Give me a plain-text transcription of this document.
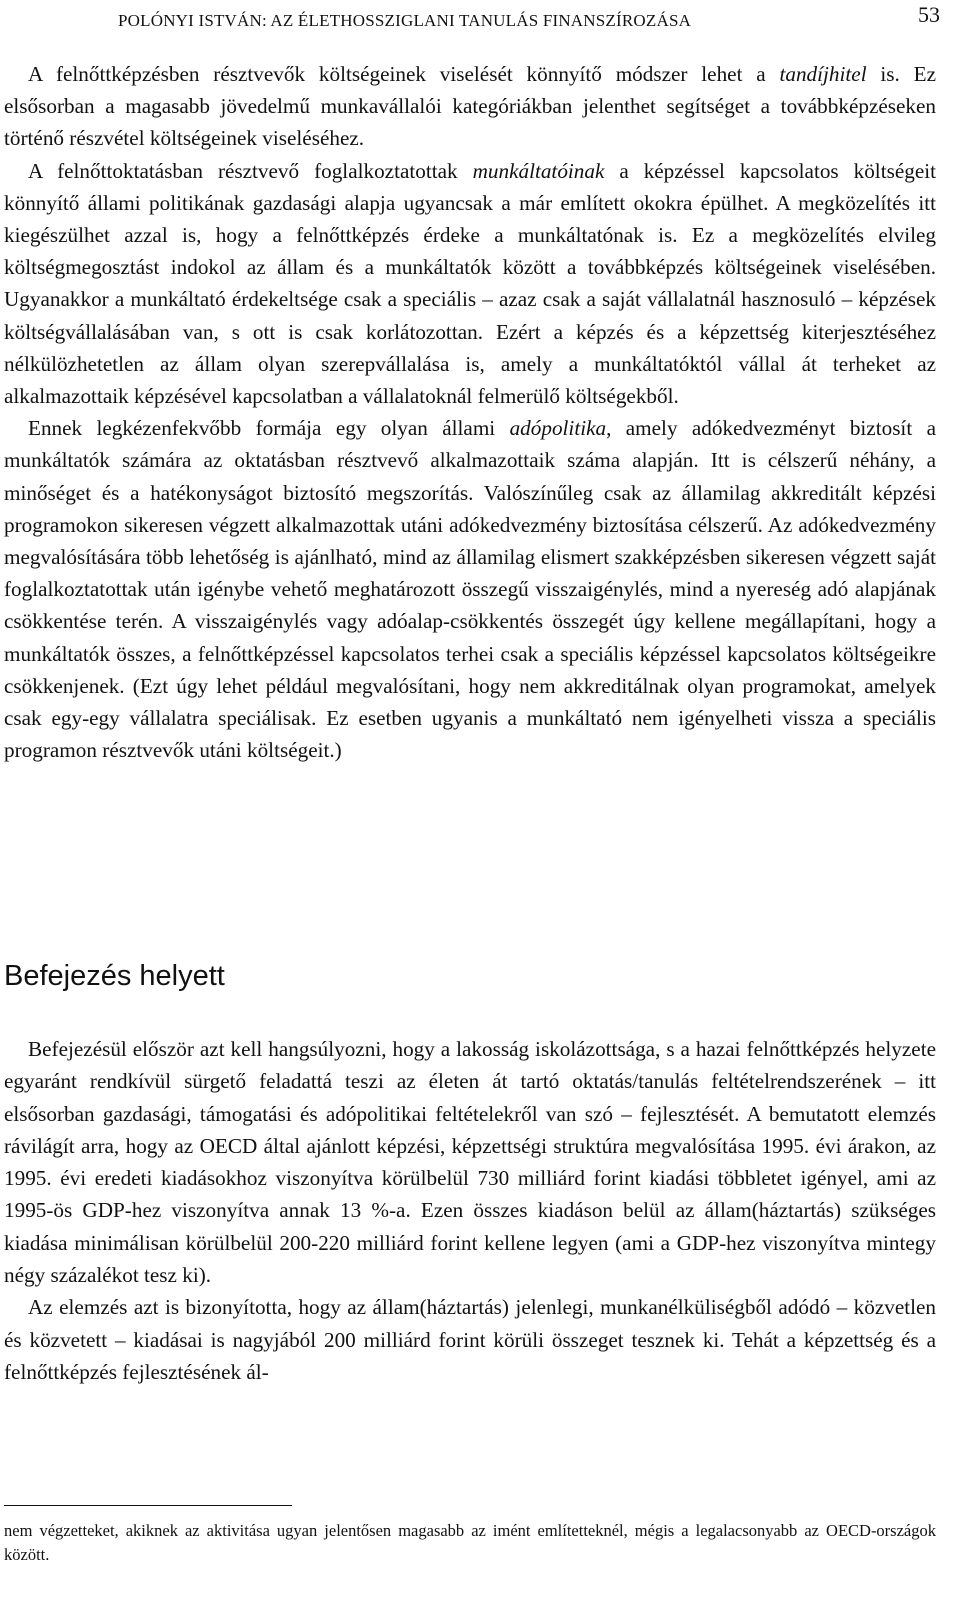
POLÓNYI ISTVÁN: AZ ÉLETHOSSZIGLANI TANULÁS FINANSZÍROZÁSA	53

A felnőttképzésben résztvevők költségeinek viselését könnyítő módszer lehet a tandíjhitel is. Ez elsősorban a magasabb jövedelmű munkavállalói kategóriákban jelenthet segítséget a továbbképzéseken történő részvétel költségeinek viseléséhez.

A felnőttoktatásban résztvevő foglalkoztatottak munkáltatóinak a képzéssel kapcsolatos költségeit könnyítő állami politikának gazdasági alapja ugyancsak a már említett okokra épülhet. A megközelítés itt kiegészülhet azzal is, hogy a felnőttképzés érdeke a munkáltatónak is. Ez a megközelítés elvileg költségmegosztást indokol az állam és a munkáltatók között a továbbképzés költségeinek viselésében. Ugyanakkor a munkáltató érdekeltsége csak a speciális – azaz csak a saját vállalatnál hasznosuló – képzések költségvállalásában van, s ott is csak korlátozottan. Ezért a képzés és a képzettség kiterjesztéséhez nélkülözhetetlen az állam olyan szerepvállalása is, amely a munkáltatóktól vállal át terheket az alkalmazottaik képzésével kapcsolatban a vállalatoknál felmerülő költségekből.

Ennek legkézenfekvőbb formája egy olyan állami adópolitika, amely adókedvezményt biztosít a munkáltatók számára az oktatásban résztvevő alkalmazottaik száma alapján. Itt is célszerű néhány, a minőséget és a hatékonyságot biztosító megszorítás. Valószínűleg csak az államilag akkreditált képzési programokon sikeresen végzett alkalmazottak utáni adókedvezmény biztosítása célszerű. Az adókedvezmény megvalósítására több lehetőség is ajánlható, mind az államilag elismert szakképzésben sikeresen végzett saját foglalkoztatottak után igénybe vehető meghatározott összegű visszaigénylés, mind a nyereség adó alapjának csökkentése terén. A visszaigénylés vagy adóalap-csökkentés összegét úgy kellene megállapítani, hogy a munkáltatók összes, a felnőttképzéssel kapcsolatos terhei csak a speciális képzéssel kapcsolatos költségeikre csökkenjenek. (Ezt úgy lehet például megvalósítani, hogy nem akkreditálnak olyan programokat, amelyek csak egy-egy vállalatra speciálisak. Ez esetben ugyanis a munkáltató nem igényelheti vissza a speciális programon résztvevők utáni költségeit.)

Befejezés helyett

Befejezésül először azt kell hangsúlyozni, hogy a lakosság iskolázottsága, s a hazai felnőttképzés helyzete egyaránt rendkívül sürgető feladattá teszi az életen át tartó oktatás/tanulás feltételrendszerének – itt elsősorban gazdasági, támogatási és adópolitikai feltételekről van szó – fejlesztését. A bemutatott elemzés rávilágít arra, hogy az OECD által ajánlott képzési, képzettségi struktúra megvalósítása 1995. évi árakon, az 1995. évi eredeti kiadásokhoz viszonyítva körülbelül 730 milliárd forint kiadási többletet igényel, ami az 1995-ös GDP-hez viszonyítva annak 13 %-a. Ezen összes kiadáson belül az állam(háztartás) szükséges kiadása minimálisan körülbelül 200-220 milliárd forint kellene legyen (ami a GDP-hez viszonyítva mintegy négy százalékot tesz ki).

Az elemzés azt is bizonyította, hogy az állam(háztartás) jelenlegi, munkanélküliségből adódó – közvetlen és közvetett – kiadásai is nagyjából 200 milliárd forint körüli összeget tesznek ki. Tehát a képzettség és a felnőttképzés fejlesztésének ál-

nem végzetteket, akiknek az aktivitása ugyan jelentősen magasabb az imént említetteknél, mégis a legalacsonyabb az OECD-országok között.
